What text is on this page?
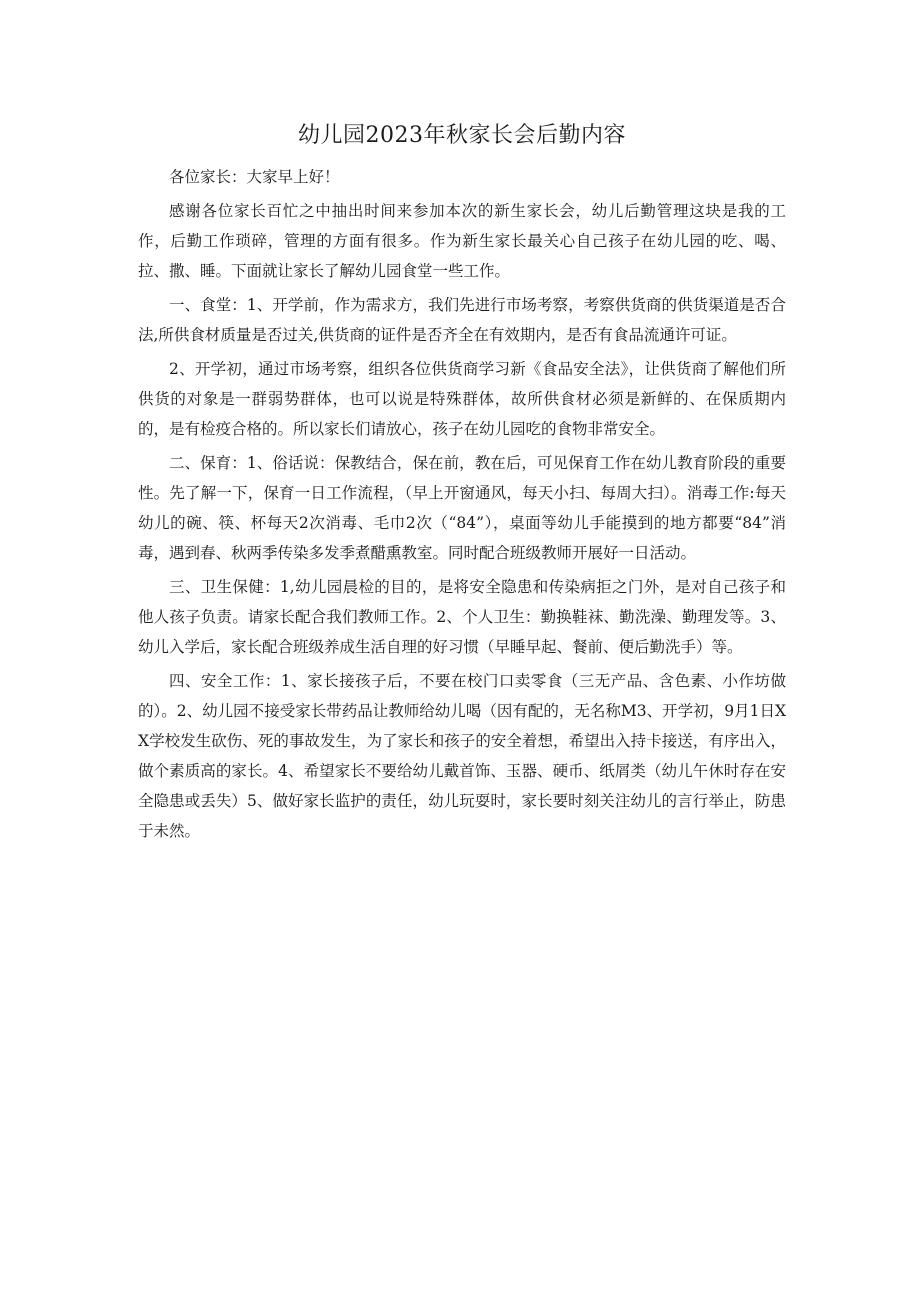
幼儿园2023年秋家长会后勤内容

各位家长：大家早上好！

感谢各位家长百忙之中抽出时间来参加本次的新生家长会，幼儿后勤管理这块是我的工作，后勤工作琐碎，管理的方面有很多。作为新生家长最关心自己孩子在幼儿园的吃、喝、拉、撒、睡。下面就让家长了解幼儿园食堂一些工作。

一、食堂：1、开学前，作为需求方，我们先进行市场考察，考察供货商的供货渠道是否合法,所供食材质量是否过关,供货商的证件是否齐全在有效期内，是否有食品流通许可证。

2、开学初，通过市场考察，组织各位供货商学习新《食品安全法》，让供货商了解他们所供货的对象是一群弱势群体，也可以说是特殊群体，故所供食材必须是新鲜的、在保质期内的，是有检疫合格的。所以家长们请放心，孩子在幼儿园吃的食物非常安全。

二、保育：1、俗话说：保教结合，保在前，教在后，可见保育工作在幼儿教育阶段的重要性。先了解一下，保育一日工作流程，（早上开窗通风，每天小扫、每周大扫）。消毒工作:每天幼儿的碗、筷、杯每天2次消毒、毛巾2次（“84”），桌面等幼儿手能摸到的地方都要“84”消毒，遇到春、秋两季传染多发季煮醋熏教室。同时配合班级教师开展好一日活动。

三、卫生保健：1,幼儿园晨检的目的，是将安全隐患和传染病拒之门外，是对自己孩子和他人孩子负责。请家长配合我们教师工作。2、个人卫生：勤换鞋袜、勤洗澡、勤理发等。3、幼儿入学后，家长配合班级养成生活自理的好习惯（早睡早起、餐前、便后勤洗手）等。

四、安全工作：1、家长接孩子后，不要在校门口卖零食（三无产品、含色素、小作坊做的）。2、幼儿园不接受家长带药品让教师给幼儿喝（因有配的，无名称M3、开学初，9月1日XX学校发生砍伤、死的事故发生，为了家长和孩子的安全着想，希望出入持卡接送，有序出入，做个素质高的家长。4、希望家长不要给幼儿戴首饰、玉器、硬币、纸屑类（幼儿午休时存在安全隐患或丢失）5、做好家长监护的责任，幼儿玩耍时，家长要时刻关注幼儿的言行举止，防患于未然。
